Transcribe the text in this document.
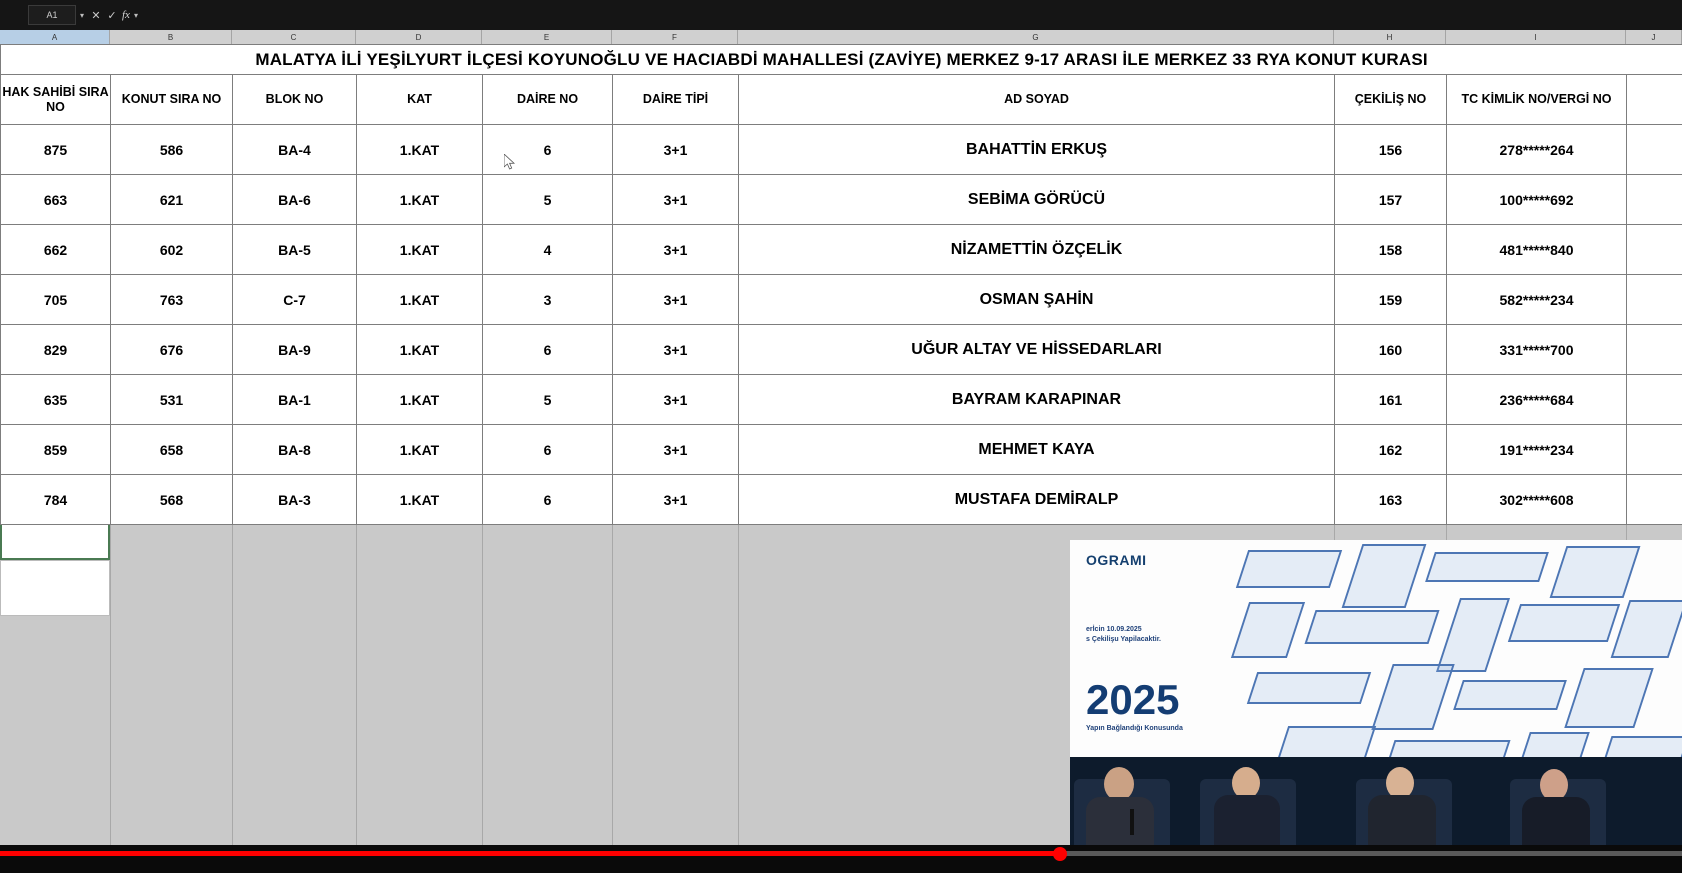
A1	▾ ✕ ✓ fx ▾
A	B	C	D	E	F	G	H	I	J
MALATYA İLİ YEŞİLYURT İLÇESİ KOYUNOĞLU VE HACIABDİ MAHALLESİ (ZAVİYE) MERKEZ 9-17 ARASI İLE MERKEZ 33 RYA KONUT KURASI									
HAK SAHİBİ SIRA NO	KONUT SIRA NO	BLOK NO	KAT	DAİRE NO	DAİRE TİPİ	AD SOYAD	ÇEKİLİŞ NO	TC KİMLİK NO/VERGİ NO	
875	586	BA-4	1.KAT	6	3+1	BAHATTİN ERKUŞ	156	278*****264	
663	621	BA-6	1.KAT	5	3+1	SEBİMA GÖRÜCÜ	157	100*****692	
662	602	BA-5	1.KAT	4	3+1	NİZAMETTİN ÖZÇELİK	158	481*****840	
705	763	C-7	1.KAT	3	3+1	OSMAN ŞAHİN	159	582*****234	
829	676	BA-9	1.KAT	6	3+1	UĞUR ALTAY VE HİSSEDARLARI	160	331*****700	
635	531	BA-1	1.KAT	5	3+1	BAYRAM KARAPINAR	161	236*****684	
859	658	BA-8	1.KAT	6	3+1	MEHMET KAYA	162	191*****234	
784	568	BA-3	1.KAT	6	3+1	MUSTAFA DEMİRALP	163	302*****608	
OGRAMI
erİcin 10.09.2025
s Çekilişu Yapilacaktir.
2025
Yapın Bağlandığı Konusunda
